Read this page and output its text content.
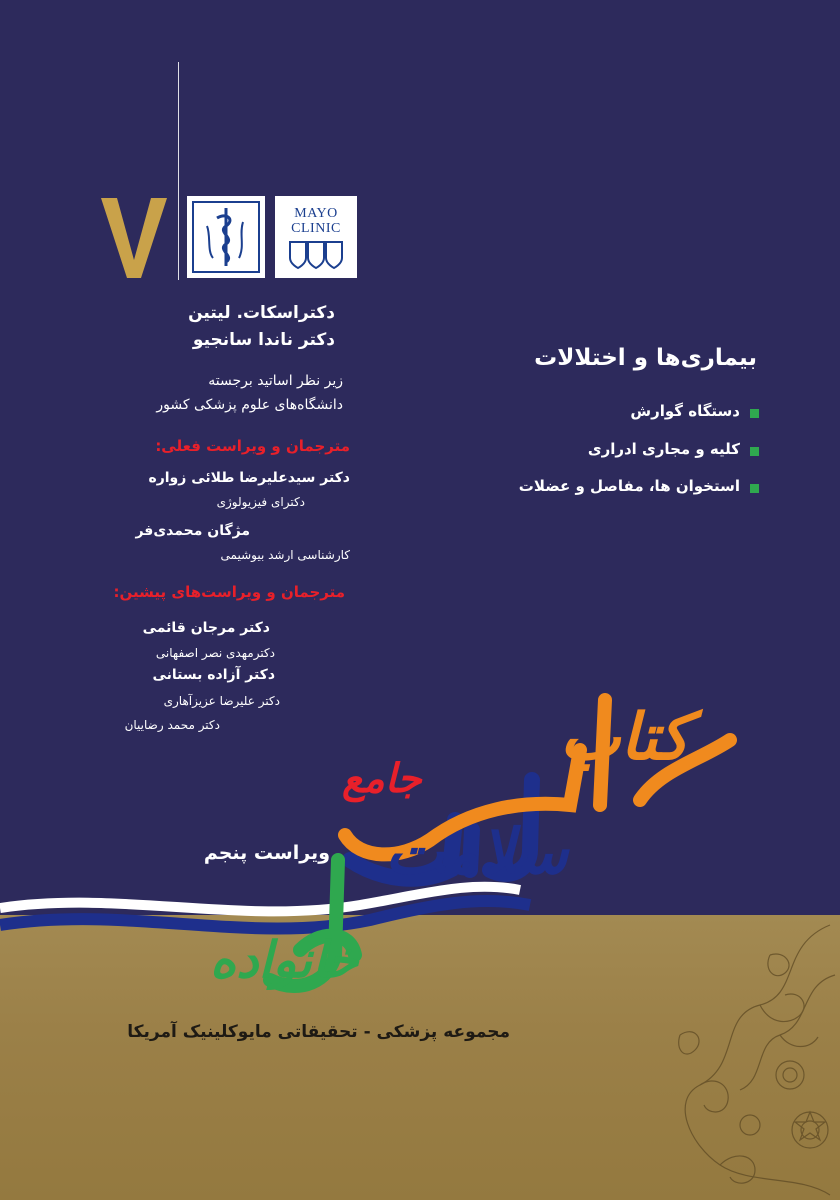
MAYO
CLINIC
دکتراسکات. لیتین
دکتر ناندا سانجیو
زیر نظر اساتید برجسته
دانشگاه‌های علوم پزشکی کشور
مترجمان و ویراست فعلی:
دکتر سیدعلیرضا طلائی زواره
دکترای فیزیولوژی
مژگان محمدی‌فر
کارشناسی ارشد بیوشیمی
مترجمان و ویراست‌های پیشین:
دکتر مرجان قائمی
دکترمهدی نصر اصفهانی
دکتر آزاده بستانی
دکتر علیرضا عزیزآهاری
دکتر محمد رضاییان
بیماری‌ها و اختلالات
دستگاه گوارش
کلیه و مجاری ادراری
استخوان ها، مفاصل و عضلات
جامع
کتاب
سلامت
خانواده
ویراست پنجم
مجموعه پزشکی - تحقیقاتی مایوکلینیک آمریکا
